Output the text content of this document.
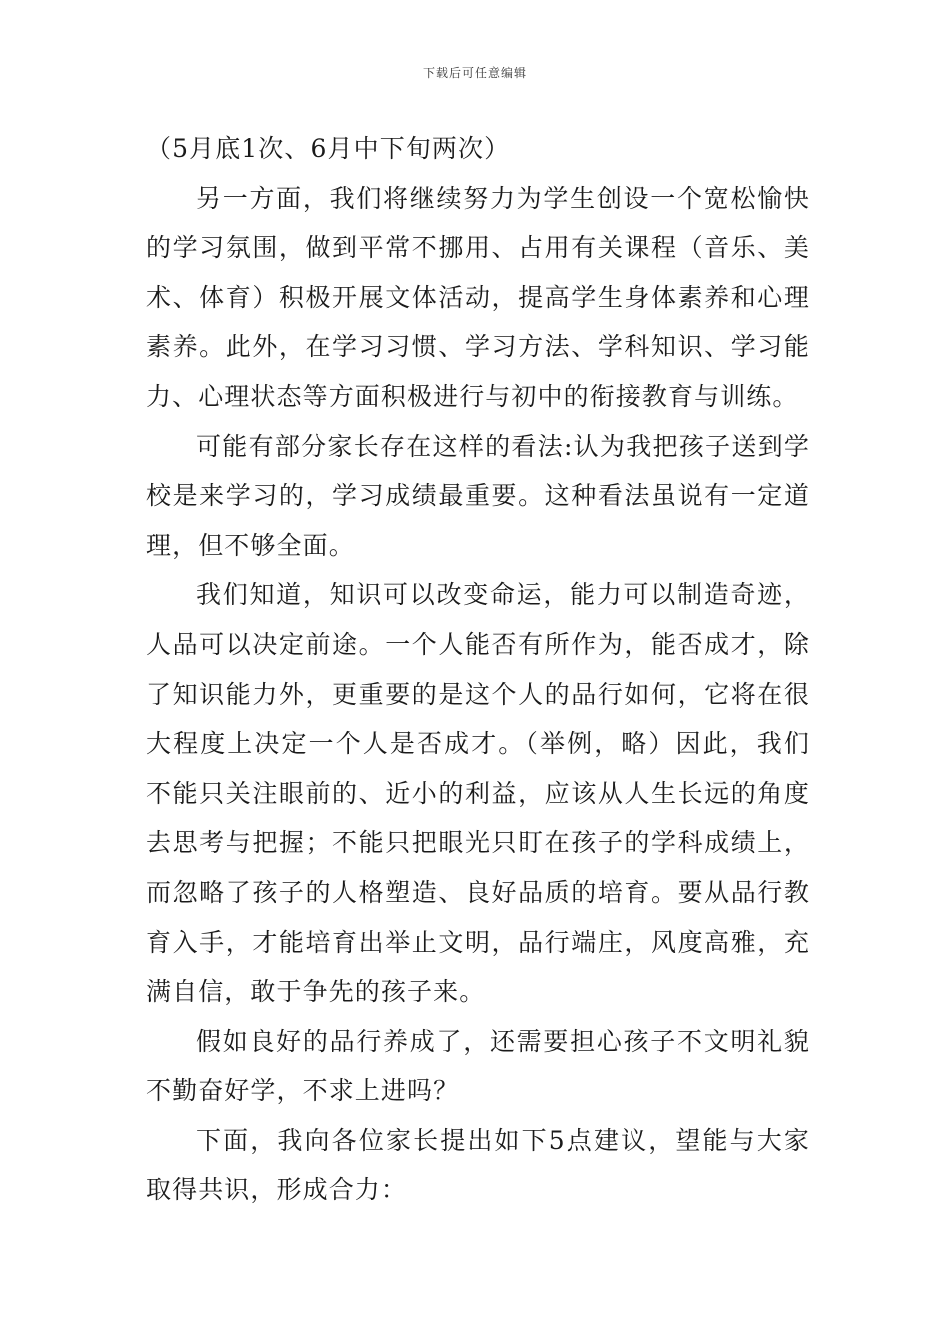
下载后可任意编辑

（5月底1次、6月中下旬两次）

另一方面，我们将继续努力为学生创设一个宽松愉快的学习氛围，做到平常不挪用、占用有关课程（音乐、美术、体育）积极开展文体活动，提高学生身体素养和心理素养。此外，在学习习惯、学习方法、学科知识、学习能力、心理状态等方面积极进行与初中的衔接教育与训练。

可能有部分家长存在这样的看法:认为我把孩子送到学校是来学习的，学习成绩最重要。这种看法虽说有一定道理，但不够全面。

我们知道，知识可以改变命运，能力可以制造奇迹，人品可以决定前途。一个人能否有所作为，能否成才，除了知识能力外，更重要的是这个人的品行如何，它将在很大程度上决定一个人是否成才。（举例，略）因此，我们不能只关注眼前的、近小的利益，应该从人生长远的角度去思考与把握；不能只把眼光只盯在孩子的学科成绩上，而忽略了孩子的人格塑造、良好品质的培育。要从品行教育入手，才能培育出举止文明，品行端庄，风度高雅，充满自信，敢于争先的孩子来。

假如良好的品行养成了，还需要担心孩子不文明礼貌不勤奋好学，不求上进吗？

下面，我向各位家长提出如下5点建议，望能与大家取得共识，形成合力：
